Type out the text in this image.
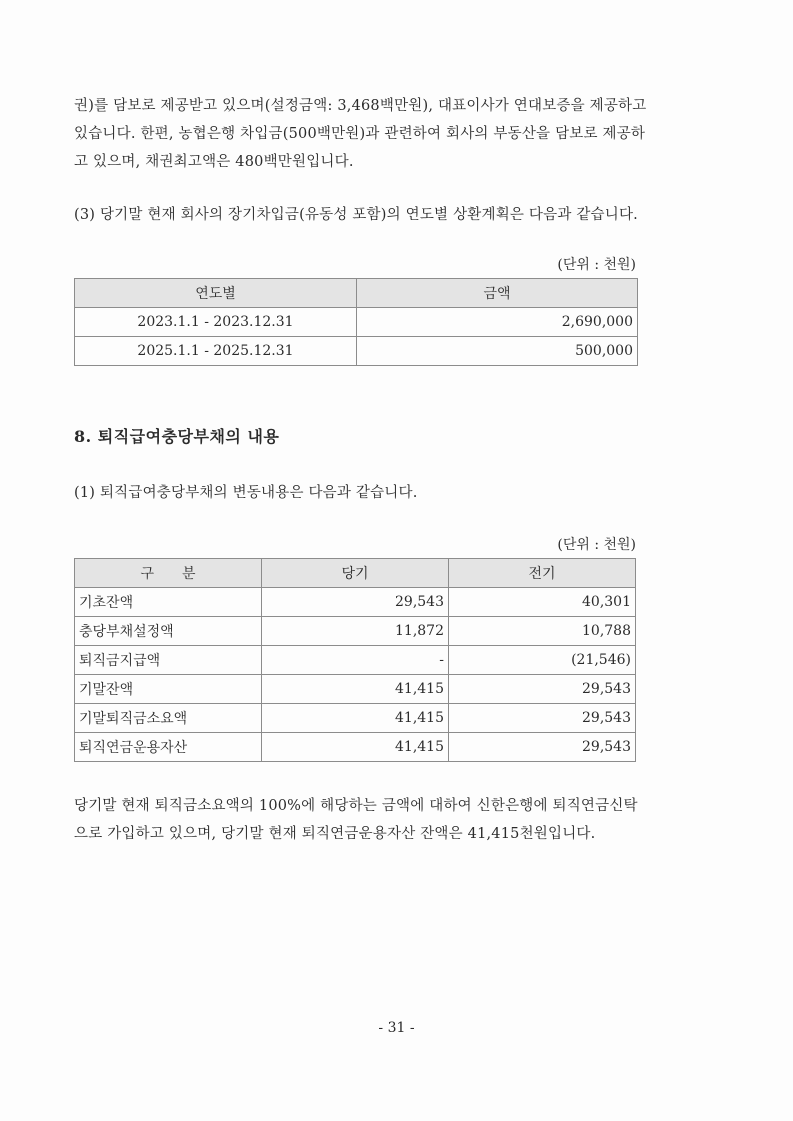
권)를 담보로 제공받고 있으며(설정금액: 3,468백만원), 대표이사가 연대보증을 제공하고
있습니다. 한편, 농협은행 차입금(500백만원)과 관련하여 회사의 부동산을 담보로 제공하
고 있으며, 채권최고액은 480백만원입니다.
(3) 당기말 현재 회사의 장기차입금(유동성 포함)의 연도별 상환계획은 다음과 같습니다.
(단위 : 천원)
연도별	금액
2023.1.1 - 2023.12.31	2,690,000
2025.1.1 - 2025.12.31	500,000
8. 퇴직급여충당부채의 내용
(1) 퇴직급여충당부채의 변동내용은 다음과 같습니다.
(단위 : 천원)
구　　분	당기	전기
기초잔액	29,543	40,301
충당부채설정액	11,872	10,788
퇴직금지급액	-	(21,546)
기말잔액	41,415	29,543
기말퇴직금소요액	41,415	29,543
퇴직연금운용자산	41,415	29,543
당기말 현재 퇴직금소요액의 100%에 해당하는 금액에 대하여 신한은행에 퇴직연금신탁
으로 가입하고 있으며, 당기말 현재 퇴직연금운용자산 잔액은 41,415천원입니다.
- 31 -
